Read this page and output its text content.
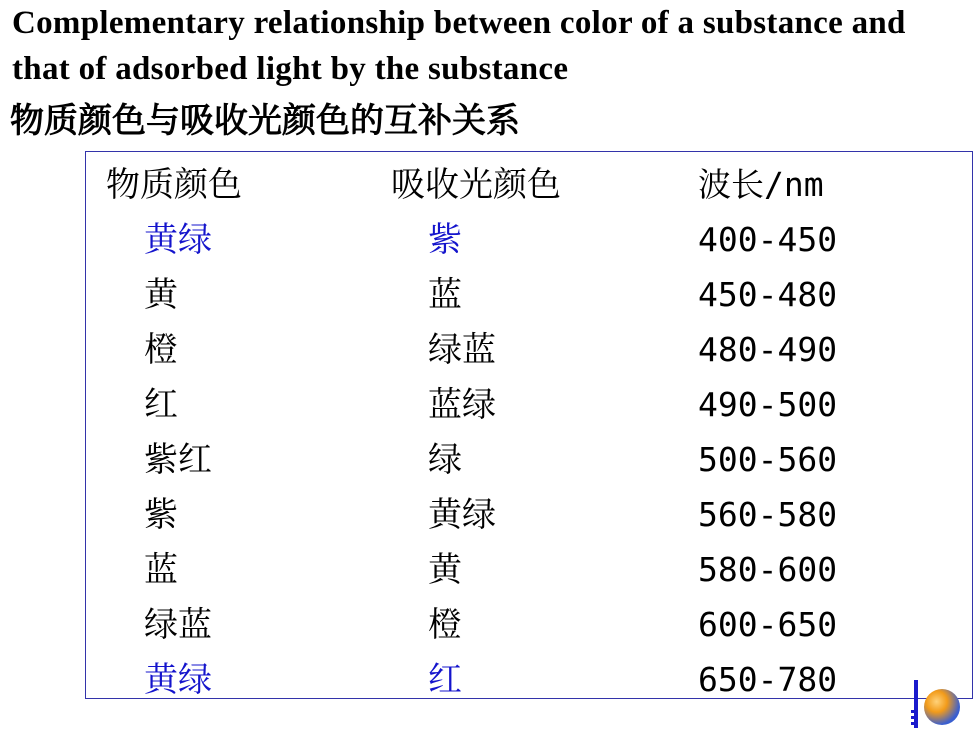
Complementary relationship between color of a substance and that of adsorbed light by the substance
物质颜色与吸收光颜色的互补关系
物质颜色	吸收光颜色	波长/nm
黄绿	紫	400-450
黄	蓝	450-480
橙	绿蓝	480-490
红	蓝绿	490-500
紫红	绿	500-560
紫	黄绿	560-580
蓝	黄	580-600
绿蓝	橙	600-650
黄绿	红	650-780
